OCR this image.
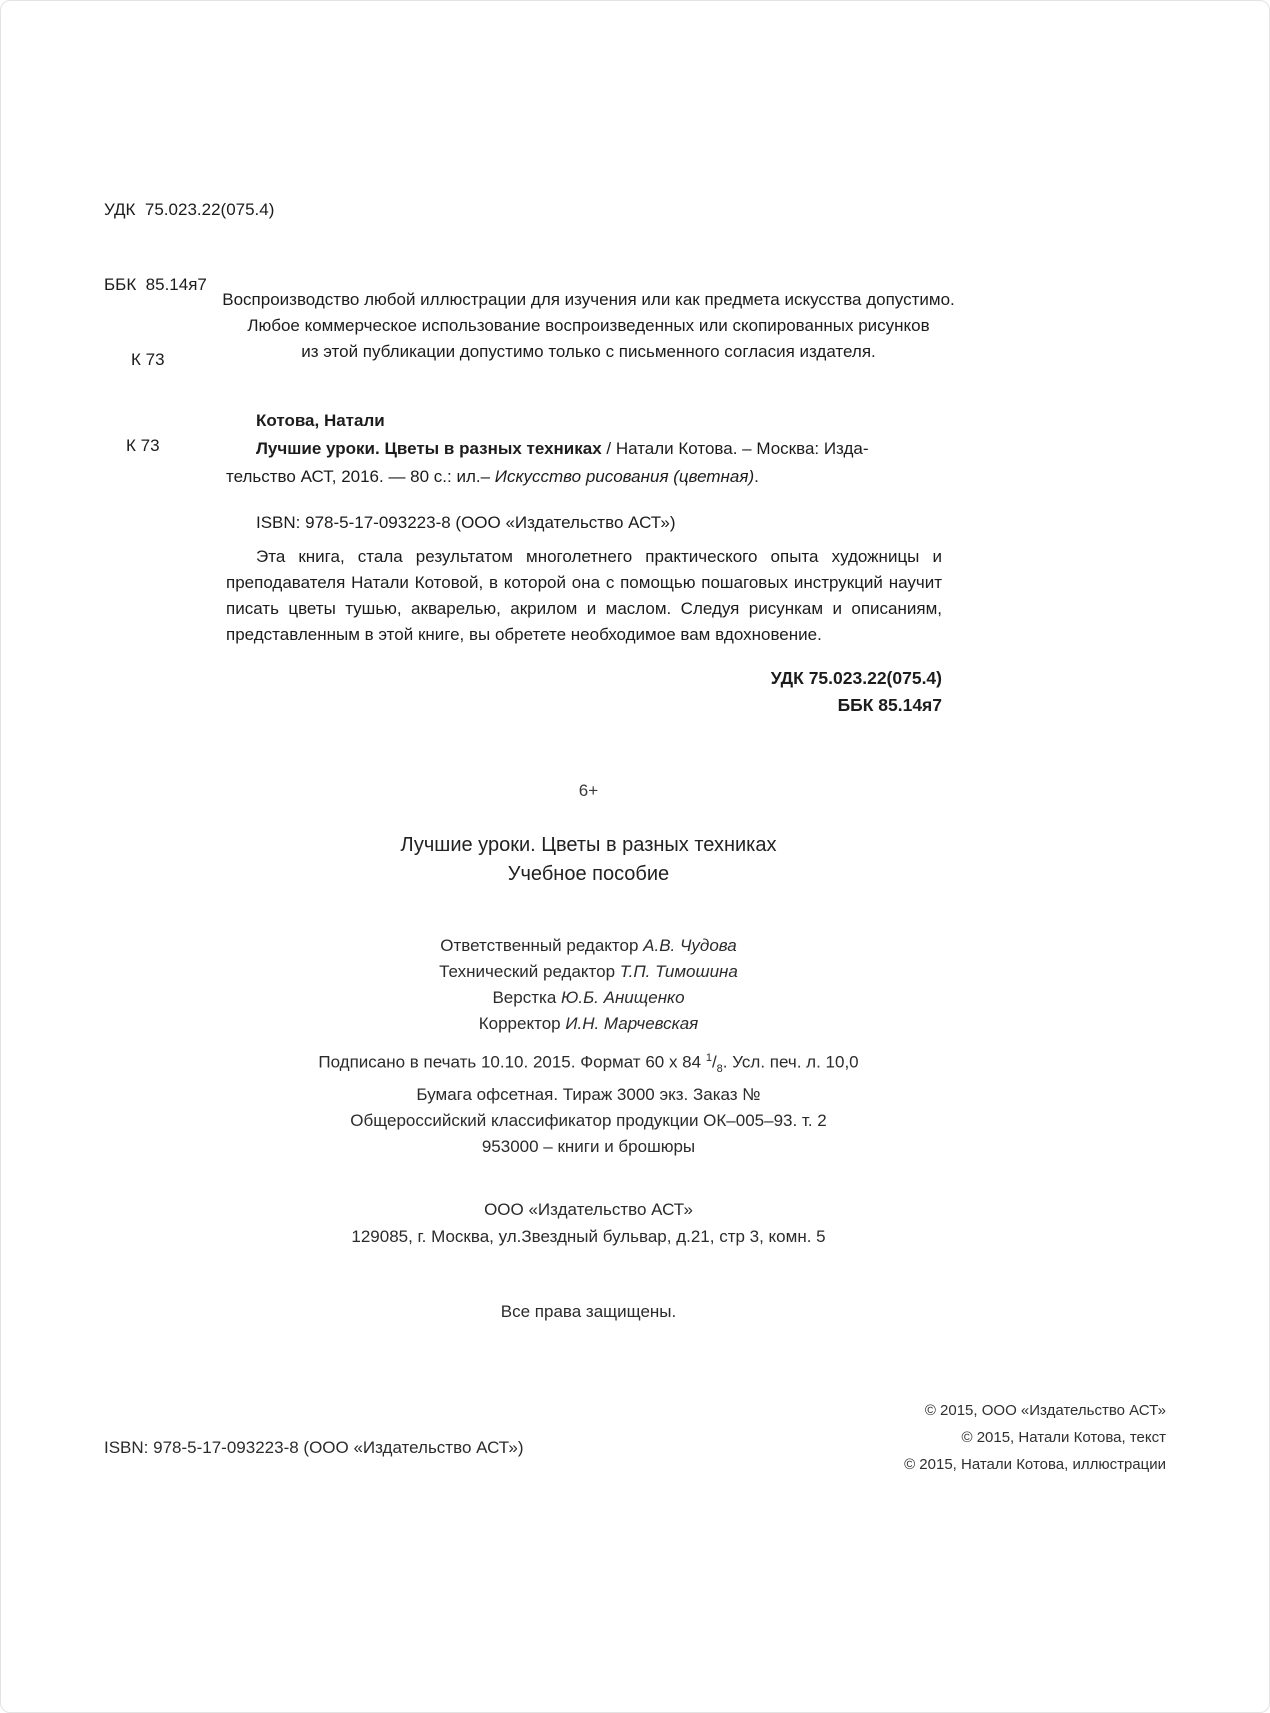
УДК  75.023.22(075.4)

ББК  85.14я7

К 73

Воспроизводство любой иллюстрации для изучения или как предмета искусства допустимо.
Любое коммерческое использование воспроизведенных или скопированных рисунков
из этой публикации допустимо только с письменного согласия издателя.
К 73
Котова, Натали
Лучшие уроки. Цветы в разных техниках / Натали Котова. – Москва: Изда-
тельство АСТ, 2016. — 80 с.: ил.– Искусство рисования (цветная).
ISBN: 978-5-17-093223-8 (ООО «Издательство АСТ»)
Эта книга, стала результатом многолетнего практического опыта художницы и преподавателя Натали Котовой, в которой она с помощью пошаговых инструкций научит писать цветы тушью, акварелью, акрилом и маслом. Следуя рисункам и описаниям, представленным в этой книге, вы обретете необходимое вам вдохновение.
УДК 75.023.22(075.4)
ББК 85.14я7
6+
Лучшие уроки. Цветы в разных техниках
Учебное пособие
Ответственный редактор А.В. Чудова
Технический редактор Т.П. Тимошина
Верстка Ю.Б. Анищенко
Корректор И.Н. Марчевская
Подписано в печать 10.10. 2015. Формат 60 х 84 $^1/_8$. Усл. печ. л. 10,0
Бумага офсетная. Тираж 3000 экз. Заказ №
Общероссийский классификатор продукции ОК–005–93. т. 2
953000 – книги и брошюры
ООО «Издательство АСТ»
129085, г. Москва, ул.Звездный бульвар, д.21, стр 3, комн. 5
Все права защищены.
ISBN: 978-5-17-093223-8 (ООО «Издательство АСТ»)
© 2015, ООО «Издательство АСТ»
© 2015, Натали Котова, текст
© 2015, Натали Котова, иллюстрации
